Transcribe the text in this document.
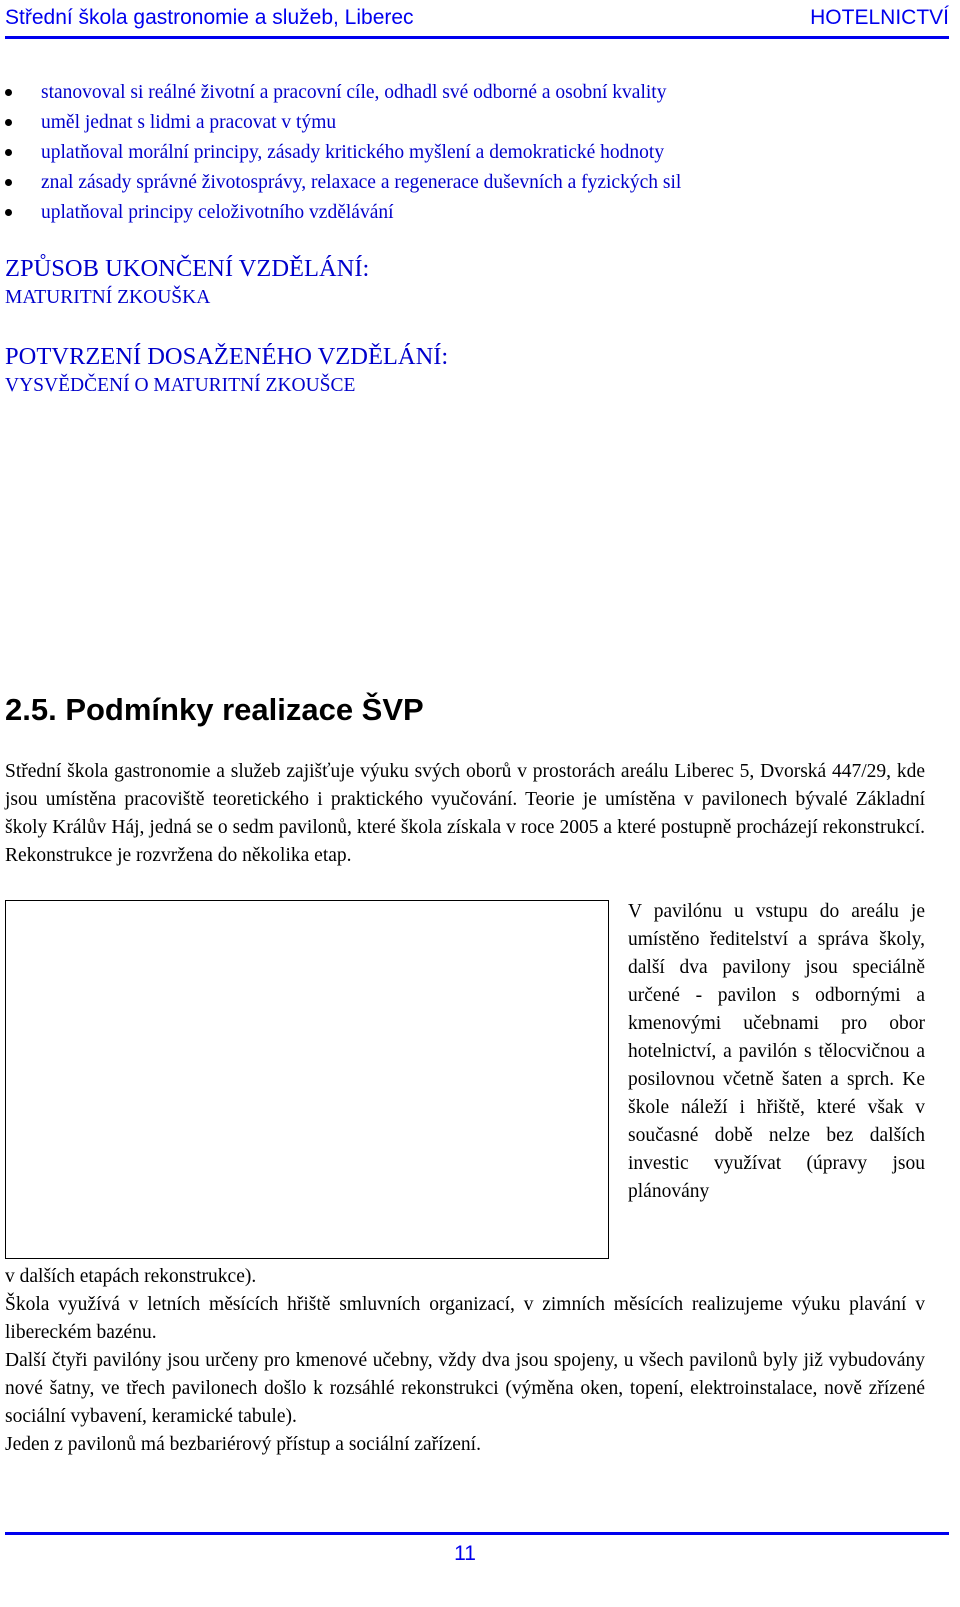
Střední škola gastronomie a služeb, Liberec	HOTELNICTVÍ
stanovoval si reálné životní a pracovní cíle, odhadl své odborné a osobní kvality
uměl jednat s lidmi a pracovat v týmu
uplatňoval morální principy, zásady kritického myšlení a demokratické hodnoty
znal zásady správné životosprávy, relaxace a regenerace duševních a fyzických sil
uplatňoval principy celoživotního vzdělávání
ZPŮSOB UKONČENÍ VZDĚLÁNÍ:
MATURITNÍ ZKOUŠKA
POTVRZENÍ DOSAŽENÉHO VZDĚLÁNÍ:
VYSVĚDČENÍ O MATURITNÍ ZKOUŠCE
2.5. Podmínky realizace ŠVP

Střední škola gastronomie a služeb zajišťuje výuku svých oborů v prostorách areálu Liberec 5, Dvorská 447/29, kde jsou umístěna pracoviště teoretického i praktického vyučování. Teorie je umístěna v pavilonech bývalé Základní školy Králův Háj, jedná se o sedm pavilonů, které škola získala v roce 2005 a které postupně procházejí rekonstrukcí. Rekonstrukce je rozvržena do několika etap.

V pavilónu u vstupu do areálu je umístěno ředitelství a správa školy, další dva pavilony jsou speciálně určené - pavilon s odbornými a kmenovými učebnami pro obor hotelnictví, a pavilón s tělocvičnou a posilovnou včetně šaten a sprch. Ke škole náleží i hřiště, které však v současné době nelze bez dalších investic využívat (úpravy jsou plánovány

v dalších etapách rekonstrukce).

Škola využívá v letních měsících hřiště smluvních organizací, v zimních měsících realizujeme výuku plavání v libereckém bazénu.

Další čtyři pavilóny jsou určeny pro kmenové učebny, vždy dva jsou spojeny, u všech pavilonů byly již vybudovány nové šatny, ve třech pavilonech došlo k rozsáhlé rekonstrukci (výměna oken, topení, elektroinstalace, nově zřízené sociální vybavení, keramické tabule).

Jeden z pavilonů má bezbariérový přístup a sociální zařízení.

11
